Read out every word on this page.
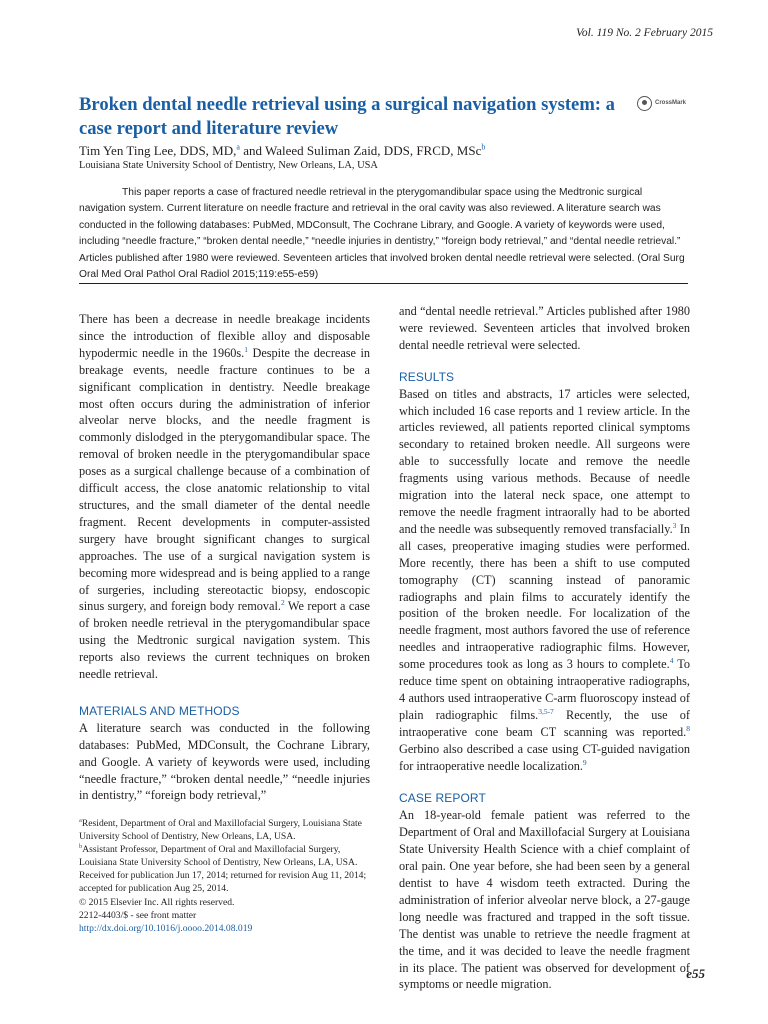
Vol. 119 No. 2 February 2015
Broken dental needle retrieval using a surgical navigation system: a case report and literature review
CrossMark
Tim Yen Ting Lee, DDS, MD,$^a$ and Waleed Suliman Zaid, DDS, FRCD, MSc$^b$
Louisiana State University School of Dentistry, New Orleans, LA, USA
This paper reports a case of fractured needle retrieval in the pterygomandibular space using the Medtronic surgical navigation system. Current literature on needle fracture and retrieval in the oral cavity was also reviewed. A literature search was conducted in the following databases: PubMed, MDConsult, The Cochrane Library, and Google. A variety of keywords were used, including “needle fracture,” “broken dental needle,” “needle injuries in dentistry,” “foreign body retrieval,” and “dental needle retrieval.” Articles published after 1980 were reviewed. Seventeen articles that involved broken dental needle retrieval were selected. (Oral Surg Oral Med Oral Pathol Oral Radiol 2015;119:e55-e59)
There has been a decrease in needle breakage incidents since the introduction of flexible alloy and disposable hypodermic needle in the 1960s.$^1$ Despite the decrease in breakage events, needle fracture continues to be a significant complication in dentistry. Needle breakage most often occurs during the administration of inferior alveolar nerve blocks, and the needle fragment is commonly dislodged in the pterygomandibular space. The removal of broken needle in the pterygomandibular space poses as a surgical challenge because of a combination of difficult access, the close anatomic relationship to vital structures, and the small diameter of the dental needle fragment. Recent developments in computer-assisted surgery have brought significant changes to surgical approaches. The use of a surgical navigation system is becoming more widespread and is being applied to a range of surgeries, including stereotactic biopsy, endoscopic sinus surgery, and foreign body removal.$^2$ We report a case of broken needle retrieval in the pterygomandibular space using the Medtronic surgical navigation system. This reports also reviews the current techniques on broken needle retrieval.
MATERIALS AND METHODS
A literature search was conducted in the following databases: PubMed, MDConsult, the Cochrane Library, and Google. A variety of keywords were used, including “needle fracture,” “broken dental needle,” “needle injuries in dentistry,” “foreign body retrieval,”
$^a$Resident, Department of Oral and Maxillofacial Surgery, Louisiana State University School of Dentistry, New Orleans, LA, USA.
$^b$Assistant Professor, Department of Oral and Maxillofacial Surgery, Louisiana State University School of Dentistry, New Orleans, LA, USA.
Received for publication Jun 17, 2014; returned for revision Aug 11, 2014; accepted for publication Aug 25, 2014.
© 2015 Elsevier Inc. All rights reserved.
2212-4403/$ - see front matter
http://dx.doi.org/10.1016/j.oooo.2014.08.019
and “dental needle retrieval.” Articles published after 1980 were reviewed. Seventeen articles that involved broken dental needle retrieval were selected.
RESULTS
Based on titles and abstracts, 17 articles were selected, which included 16 case reports and 1 review article. In the articles reviewed, all patients reported clinical symptoms secondary to retained broken needle. All surgeons were able to successfully locate and remove the needle fragments using various methods. Because of needle migration into the lateral neck space, one attempt to remove the needle fragment intraorally had to be aborted and the needle was subsequently removed transfacially.$^3$ In all cases, preoperative imaging studies were performed. More recently, there has been a shift to use computed tomography (CT) scanning instead of panoramic radiographs and plain films to accurately identify the position of the broken needle. For localization of the needle fragment, most authors favored the use of reference needles and intraoperative radiographic films. However, some procedures took as long as 3 hours to complete.$^4$ To reduce time spent on obtaining intraoperative radiographs, 4 authors used intraoperative C-arm fluoroscopy instead of plain radiographic films.$^{3,5-7}$ Recently, the use of intraoperative cone beam CT scanning was reported.$^8$ Gerbino also described a case using CT-guided navigation for intraoperative needle localization.$^9$
CASE REPORT
An 18-year-old female patient was referred to the Department of Oral and Maxillofacial Surgery at Louisiana State University Health Science with a chief complaint of oral pain. One year before, she had been seen by a general dentist to have 4 wisdom teeth extracted. During the administration of inferior alveolar nerve block, a 27-gauge long needle was fractured and trapped in the soft tissue. The dentist was unable to retrieve the needle fragment at the time, and it was decided to leave the needle fragment in its place. The patient was observed for development of symptoms or needle migration.
e55
